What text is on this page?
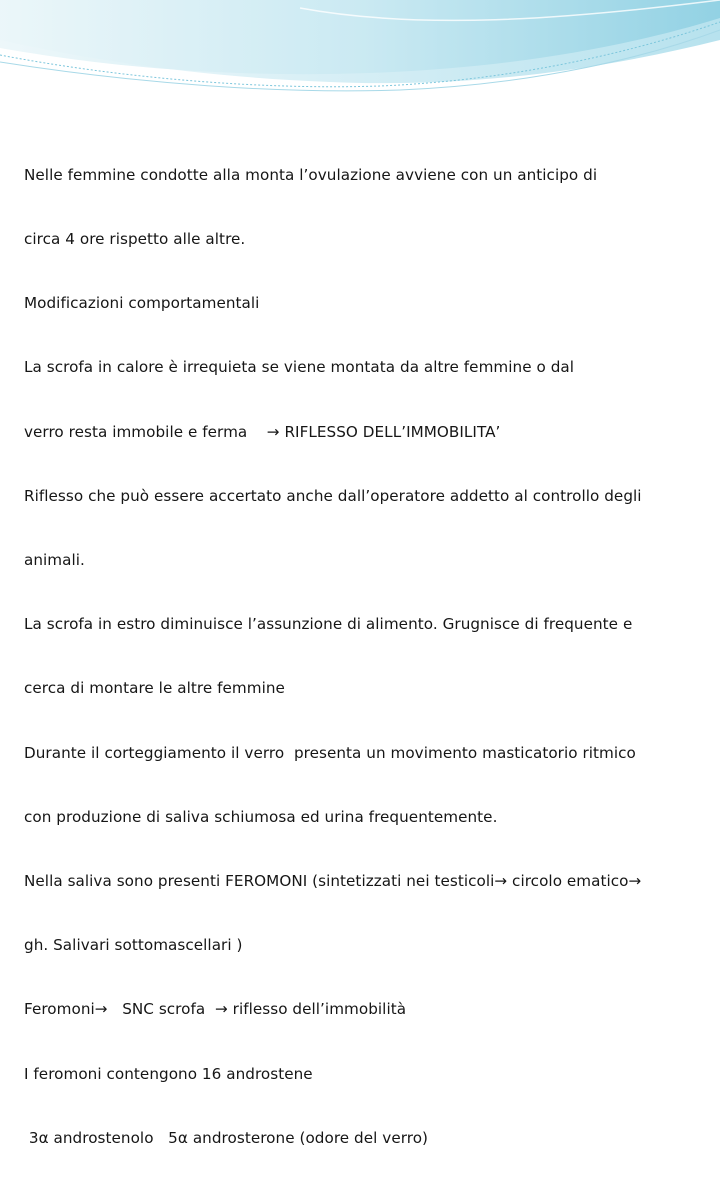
Nelle femmine condotte alla monta l’ovulazione avviene con un anticipo di

circa 4 ore rispetto alle altre.

Modificazioni comportamentali

La scrofa in calore è irrequieta se viene montata da altre femmine o dal

verro resta immobile e ferma    → RIFLESSO DELL’IMMOBILITA’

Riflesso che può essere accertato anche dall’operatore addetto al controllo degli

animali.

La scrofa in estro diminuisce l’assunzione di alimento. Grugnisce di frequente e

cerca di montare le altre femmine

Durante il corteggiamento il verro  presenta un movimento masticatorio ritmico

con produzione di saliva schiumosa ed urina frequentemente.

Nella saliva sono presenti FEROMONI (sintetizzati nei testicoli→ circolo ematico→

gh. Salivari sottomascellari )

Feromoni→   SNC scrofa  → riflesso dell’immobilità

I feromoni contengono 16 androstene

3α androstenolo   5α androsterone (odore del verro)
